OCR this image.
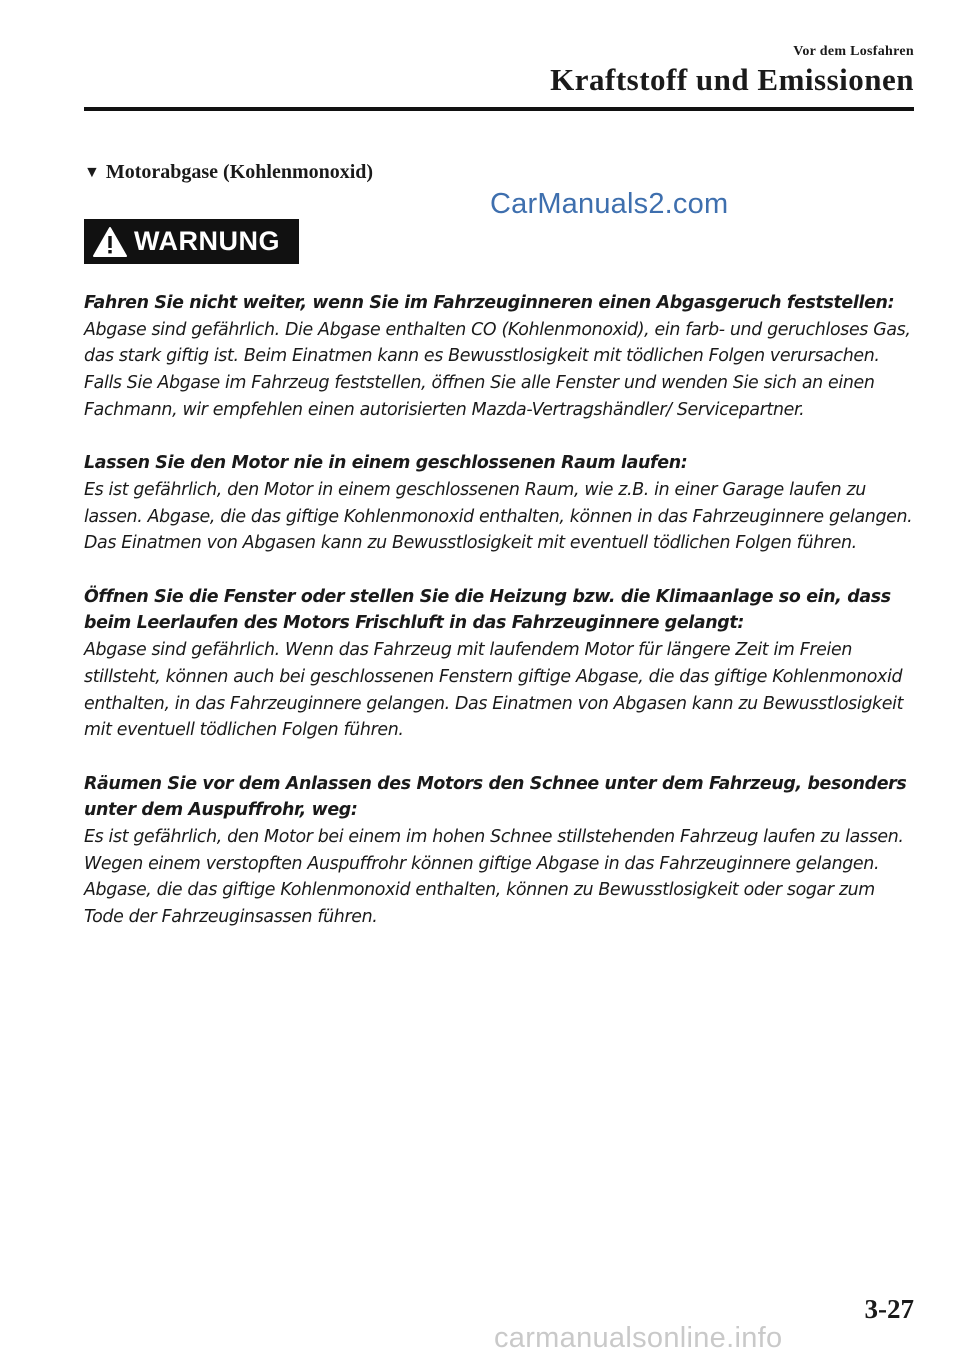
Vor dem Losfahren
Kraftstoff und Emissionen
▼ Motorabgase (Kohlenmonoxid)
CarManuals2.com
WARNUNG
Fahren Sie nicht weiter, wenn Sie im Fahrzeuginneren einen Abgasgeruch feststellen:
Abgase sind gefährlich. Die Abgase enthalten CO (Kohlenmonoxid), ein farb- und geruchloses Gas, das stark giftig ist. Beim Einatmen kann es Bewusstlosigkeit mit tödlichen Folgen verursachen. Falls Sie Abgase im Fahrzeug feststellen, öffnen Sie alle Fenster und wenden Sie sich an einen Fachmann, wir empfehlen einen autorisierten Mazda-Vertragshändler/ Servicepartner.
Lassen Sie den Motor nie in einem geschlossenen Raum laufen:
Es ist gefährlich, den Motor in einem geschlossenen Raum, wie z.B. in einer Garage laufen zu lassen. Abgase, die das giftige Kohlenmonoxid enthalten, können in das Fahrzeuginnere gelangen. Das Einatmen von Abgasen kann zu Bewusstlosigkeit mit eventuell tödlichen Folgen führen.
Öffnen Sie die Fenster oder stellen Sie die Heizung bzw. die Klimaanlage so ein, dass beim Leerlaufen des Motors Frischluft in das Fahrzeuginnere gelangt:
Abgase sind gefährlich. Wenn das Fahrzeug mit laufendem Motor für längere Zeit im Freien stillsteht, können auch bei geschlossenen Fenstern giftige Abgase, die das giftige Kohlenmonoxid enthalten, in das Fahrzeuginnere gelangen. Das Einatmen von Abgasen kann zu Bewusstlosigkeit mit eventuell tödlichen Folgen führen.
Räumen Sie vor dem Anlassen des Motors den Schnee unter dem Fahrzeug, besonders unter dem Auspuffrohr, weg:
Es ist gefährlich, den Motor bei einem im hohen Schnee stillstehenden Fahrzeug laufen zu lassen. Wegen einem verstopften Auspuffrohr können giftige Abgase in das Fahrzeuginnere gelangen. Abgase, die das giftige Kohlenmonoxid enthalten, können zu Bewusstlosigkeit oder sogar zum Tode der Fahrzeuginsassen führen.
3-27
carmanualsonline.info
